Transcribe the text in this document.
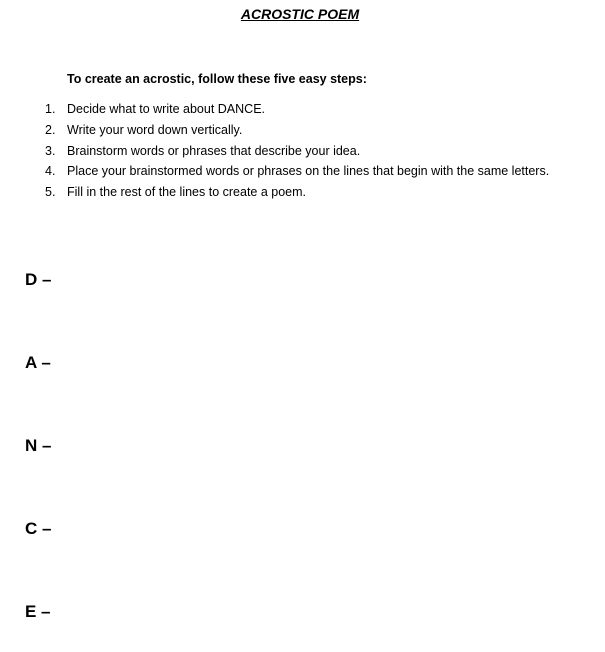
ACROSTIC POEM
To create an acrostic, follow these five easy steps:
1. Decide what to write about DANCE.
2. Write your word down vertically.
3. Brainstorm words or phrases that describe your idea.
4. Place your brainstormed words or phrases on the lines that begin with the same letters.
5. Fill in the rest of the lines to create a poem.
D –
A –
N –
C –
E –
